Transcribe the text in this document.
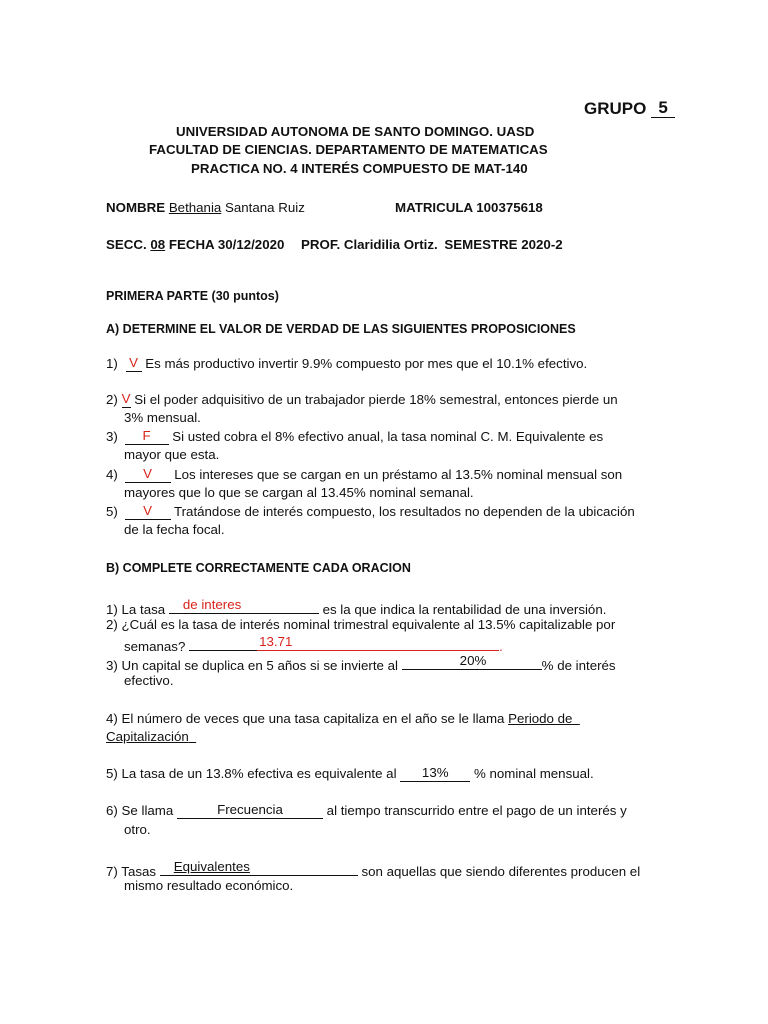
GRUPO 5
UNIVERSIDAD AUTONOMA DE SANTO DOMINGO. UASD
FACULTAD DE CIENCIAS. DEPARTAMENTO DE MATEMATICAS
PRACTICA NO. 4 INTERÉS COMPUESTO DE MAT-140
NOMBRE Bethania Santana Ruiz	MATRICULA 100375618
SECC. 08 FECHA 30/12/2020 PROF. Claridilia Ortiz. SEMESTRE 2020-2
PRIMERA PARTE (30 puntos)
A) DETERMINE EL VALOR DE VERDAD DE LAS SIGUIENTES PROPOSICIONES
1) V Es más productivo invertir 9.9% compuesto por mes que el 10.1% efectivo.
2) V Si el poder adquisitivo de un trabajador pierde 18% semestral, entonces pierde un
3% mensual.
3) F Si usted cobra el 8% efectivo anual, la tasa nominal C. M. Equivalente es
mayor que esta.
4) V Los intereses que se cargan en un préstamo al 13.5% nominal mensual son
mayores que lo que se cargan al 13.45% nominal semanal.
5) V Tratándose de interés compuesto, los resultados no dependen de la ubicación
de la fecha focal.
B) COMPLETE CORRECTAMENTE CADA ORACION
1) La tasa de interes	es la que indica la rentabilidad de una inversión.
2) ¿Cuál es la tasa de interés nominal trimestral equivalente al 13.5% capitalizable por
semanas?	13.71	.
3) Un capital se duplica en 5 años si se invierte al	20%	% de interés
efectivo.
4) El número de veces que una tasa capitaliza en el año se le llama Periodo de
Capitalización
5) La tasa de un 13.8% efectiva es equivalente al 13% % nominal mensual.
6) Se llama	Frecuencia	al tiempo transcurrido entre el pago de un interés y
otro.
7) Tasas Equivalentes	son aquellas que siendo diferentes producen el
mismo resultado económico.
